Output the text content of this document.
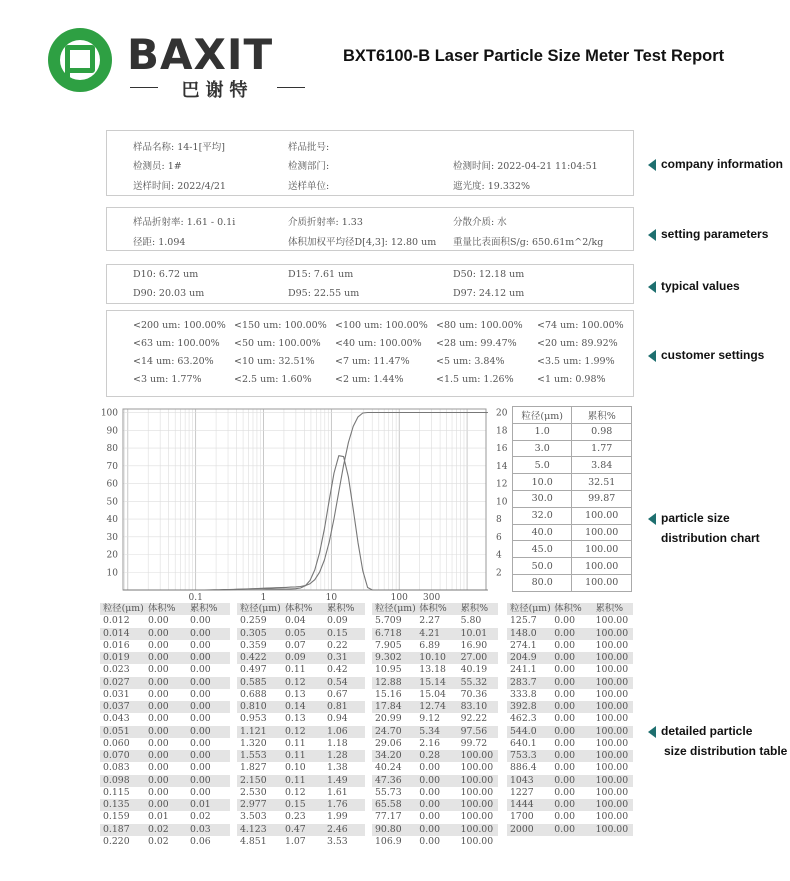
BAXIT
巴谢特
BXT6100-B Laser Particle Size Meter Test Report
样品名称: 14-1[平均]	样品批号:
检测员: 1#	检测部门:	检测时间: 2022-04-21 11:04:51
送样时间: 2022/4/21	送样单位:	遮光度: 19.332%
样品折射率: 1.61 - 0.1i	介质折射率: 1.33	分散介质: 水
径距: 1.094	体积加权平均径D[4,3]: 12.80 um 重量比表面积S/g: 650.61m^2/kg
D10: 6.72 um	D15: 7.61 um	D50: 12.18 um
D90: 20.03 um	D95: 22.55 um	D97: 24.12 um
<200 um: 100.00% <150 um: 100.00% <100 um: 100.00% <80 um: 100.00% <74 um: 100.00%
<63 um: 100.00% <50 um: 100.00% <40 um: 100.00% <28 um: 99.47% <20 um: 89.92%
<14 um: 63.20% <10 um: 32.51% <7 um: 11.47%	<5 um: 3.84%	<3.5 um: 1.99%
<3 um: 1.77%	<2.5 um: 1.60% <2 um: 1.44%	<1.5 um: 1.26% <1 um: 0.98%
company information
setting parameters
typical values
customer settings
particle size
distribution chart
detailed particle
size distribution table
10
20
30
40
50
60
70
80
90
100
2
4
6
8
10
12
14
16
18
20
0.1	1	10	100 300
粒径(μm)	累积%
1.0	0.98
3.0	1.77
5.0	3.84
10.0	32.51
30.0	99.87
32.0	100.00
40.0	100.00
45.0	100.00
50.0	100.00
80.0	100.00
粒径(μm) 体积%	累积%
0.012	0.00	0.00
0.014	0.00	0.00
0.016	0.00	0.00
0.019	0.00	0.00
0.023	0.00	0.00
0.027	0.00	0.00
0.031	0.00	0.00
0.037	0.00	0.00
0.043	0.00	0.00
0.051	0.00	0.00
0.060	0.00	0.00
0.070	0.00	0.00
0.083	0.00	0.00
0.098	0.00	0.00
0.115	0.00	0.00
0.135	0.00	0.01
0.159	0.01	0.02
0.187	0.02	0.03
0.220	0.02	0.06
粒径(μm) 体积%	累积%
0.259	0.04	0.09
0.305	0.05	0.15
0.359	0.07	0.22
0.422	0.09	0.31
0.497	0.11	0.42
0.585	0.12	0.54
0.688	0.13	0.67
0.810	0.14	0.81
0.953	0.13	0.94
1.121	0.12	1.06
1.320	0.11	1.18
1.553	0.11	1.28
1.827	0.10	1.38
2.150	0.11	1.49
2.530	0.12	1.61
2.977	0.15	1.76
3.503	0.23	1.99
4.123	0.47	2.46
4.851	1.07	3.53
粒径(μm) 体积%	累积%
5.709	2.27	5.80
6.718	4.21	10.01
7.905	6.89	16.90
9.302	10.10	27.00
10.95	13.18	40.19
12.88	15.14	55.32
15.16	15.04	70.36
17.84	12.74	83.10
20.99	9.12	92.22
24.70	5.34	97.56
29.06	2.16	99.72
34.20	0.28	100.00
40.24	0.00	100.00
47.36	0.00	100.00
55.73	0.00	100.00
65.58	0.00	100.00
77.17	0.00	100.00
90.80	0.00	100.00
106.9	0.00	100.00
粒径(μm) 体积%	累积%
125.7	0.00	100.00
148.0	0.00	100.00
274.1	0.00	100.00
204.9	0.00	100.00
241.1	0.00	100.00
283.7	0.00	100.00
333.8	0.00	100.00
392.8	0.00	100.00
462.3	0.00	100.00
544.0	0.00	100.00
640.1	0.00	100.00
753.3	0.00	100.00
886.4	0.00	100.00
1043	0.00	100.00
1227	0.00	100.00
1444	0.00	100.00
1700	0.00	100.00
2000	0.00	100.00
